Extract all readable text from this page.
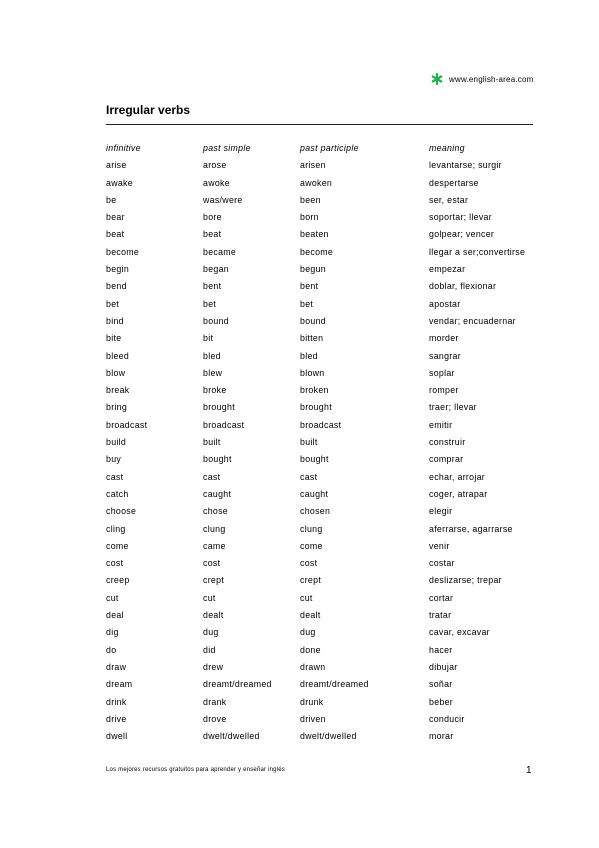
www.english-area.com
Irregular verbs
infinitive	past simple	past participle	meaning
arise	arose	arisen	levantarse; surgir
awake	awoke	awoken	despertarse
be	was/were	been	ser, estar
bear	bore	born	soportar; llevar
beat	beat	beaten	golpear; vencer
become	became	become	llegar a ser;convertirse
begin	began	begun	empezar
bend	bent	bent	doblar, flexionar
bet	bet	bet	apostar
bind	bound	bound	vendar; encuadernar
bite	bit	bitten	morder
bleed	bled	bled	sangrar
blow	blew	blown	soplar
break	broke	broken	romper
bring	brought	brought	traer; llevar
broadcast	broadcast	broadcast	emitir
build	built	built	construir
buy	bought	bought	comprar
cast	cast	cast	echar, arrojar
catch	caught	caught	coger, atrapar
choose	chose	chosen	elegir
cling	clung	clung	aferrarse, agarrarse
come	came	come	venir
cost	cost	cost	costar
creep	crept	crept	deslizarse; trepar
cut	cut	cut	cortar
deal	dealt	dealt	tratar
dig	dug	dug	cavar, excavar
do	did	done	hacer
draw	drew	drawn	dibujar
dream	dreamt/dreamed	dreamt/dreamed	soñar
drink	drank	drunk	beber
drive	drove	driven	conducir
dwell	dwelt/dwelled	dwelt/dwelled	morar
Los mejores recursos gratuitos para aprender y enseñar inglés	1
